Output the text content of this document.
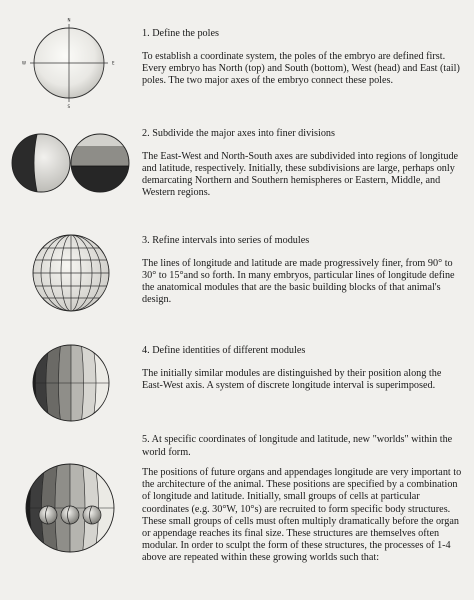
N
S
W	E
1. Define the poles

To establish a coordinate system, the poles of the embryo are defined first. Every embryo has North (top) and South (bottom), West (head) and East (tail) poles. The two major axes of the embryo connect these poles.

2. Subdivide the major axes into finer divisions

The East-West and North-South axes are subdivided into regions of longitude and latitude, respectively. Initially, these subdivisions are large, perhaps only demarcating Northern and Southern hemispheres or Eastern, Middle, and Western regions.

3. Refine intervals into series of modules

The lines of longitude and latitude are made progressively finer, from 90° to 30° to 15°and so forth. In many embryos, particular lines of longitude define the anatomical modules that are the basic building blocks of that animal's design.

4. Define identities of different modules

The initially similar modules are distinguished by their position along the East-West axis. A system of discrete longitude interval is superimposed.

5. At specific coordinates of longitude and latitude, new "worlds" within the world form.

The positions of future organs and appendages longitude are very important to the architecture of the animal. These positions are specified by a combination of longitude and latitude. Initially, small groups of cells at particular coordinates (e.g. 30°W, 10°s) are recruited to form specific body structures. These small groups of cells must often multiply dramatically before the organ or appendage reaches its final size. These structures are themselves often modular. In order to sculpt the form of these structures, the processes of 1-4 above are repeated within these growing worlds such that:
